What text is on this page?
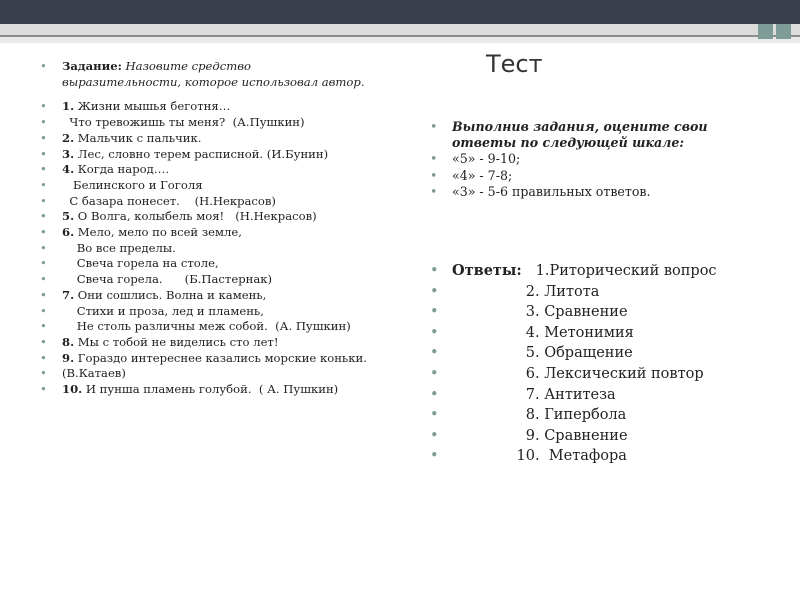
Тест
• Задание: Назовите средство
выразительности, которое использовал автор.
• 1. Жизни мышья беготня…
•   Что тревожишь ты меня?  (А.Пушкин)
• 2. Мальчик с пальчик.
• 3. Лес, словно терем расписной. (И.Бунин)
• 4. Когда народ….
•    Белинского и Гоголя
•   С базара понесет.    (Н.Некрасов)
• 5. О Волга, колыбель моя!   (Н.Некрасов)
• 6. Мело, мело по всей земле,
•     Во все пределы.
•     Свеча горела на столе,
•     Свеча горела.      (Б.Пастернак)
• 7. Они сошлись. Волна и камень,
•     Стихи и проза, лед и пламень,
•     Не столь различны меж собой.  (А. Пушкин)
• 8. Мы с тобой не виделись сто лет!
• 9. Гораздо интереснее казались морские коньки.
• (В.Катаев)
• 10. И пунша пламень голубой.  ( А. Пушкин)
• Выполнив задания, оцените свои
ответы по следующей шкале:
• «5» - 9-10;
• «4» - 7-8;
• «3» - 5-6 правильных ответов.
• Ответы:   1.Риторический вопрос
•                 2. Литота
•                 3. Сравнение
•                 4. Метонимия
•                 5. Обращение
•                 6. Лексический повтор
•                 7. Антитеза
•                 8. Гипербола
•                 9. Сравнение
•               10.  Метафора
